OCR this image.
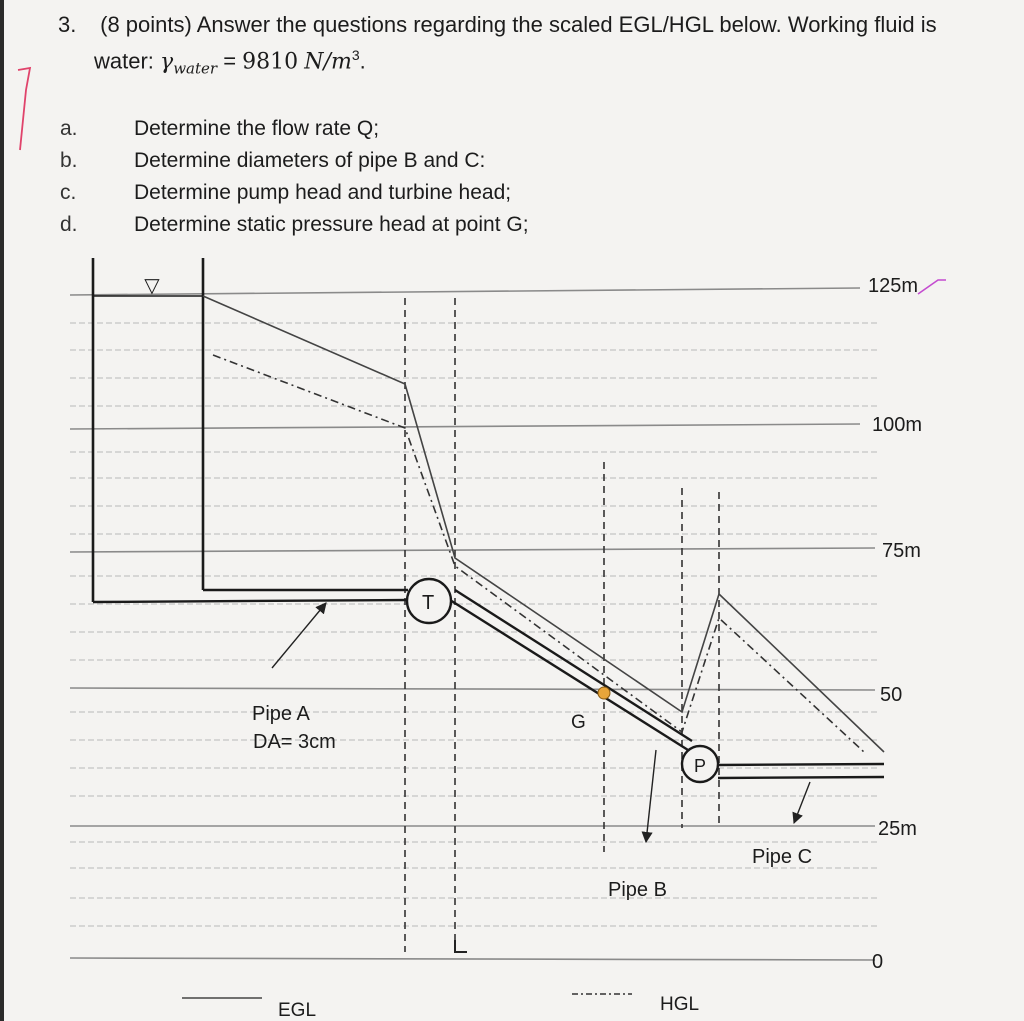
3. (8 points) Answer the questions regarding the scaled EGL/HGL below. Working fluid is
water: $\gamma_{water} = 9810$ $N/m^3$.
a.	Determine the flow rate Q;
b.	Determine diameters of pipe B and C:
c.	Determine pump head and turbine head;
d.	Determine static pressure head at point G;
▽
T
P
G
125m
100m
75m
50
25m
0
Pipe A
DA= 3cm
Pipe B
Pipe C
EGL	HGL
